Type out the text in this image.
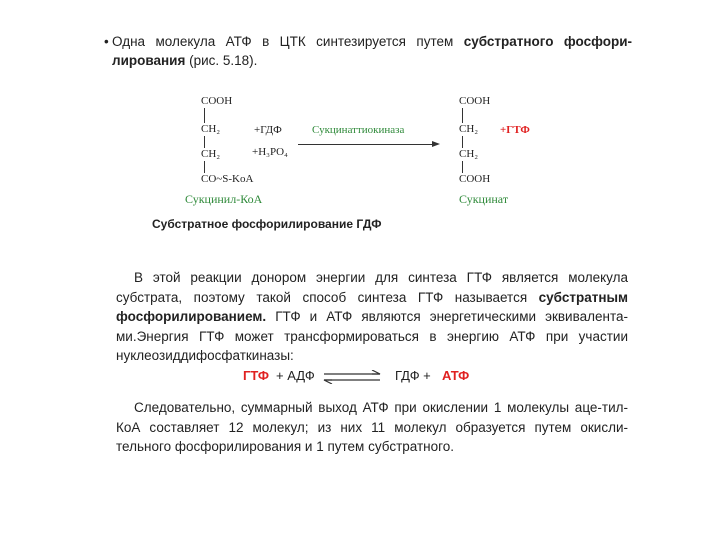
• Одна молекула АТФ в ЦТК синтезируется путем субстратного фосфори- лирования (рис. 5.18).
COOH
CH₂
CH₂
CO~S-KoA
Сукцинил-КоА
+ГДФ
+H₃PO₄
Сукцинаттиокиназа
COOH
CH₂
CH₂
COOH
Сукцинат
+ГТФ
Субстратное фосфорилирование ГДФ
В этой реакции донором энергии для синтеза ГТФ является молекула субстрата, поэтому такой способ синтеза ГТФ называется субстратным фосфорилированием. ГТФ и АТФ являются энергетическими эквивалента-ми.Энергия ГТФ может трансформироваться в энергию АТФ при участии нуклеозиддифосфаткиназы:
ГТФ + АДФ ⇌ ГДФ + АТФ
Следовательно, суммарный выход АТФ при окислении 1 молекулы аце-тил-КоА составляет 12 молекул; из них 11 молекул образуется путем окисли-тельного фосфорилирования и 1 путем субстратного.
